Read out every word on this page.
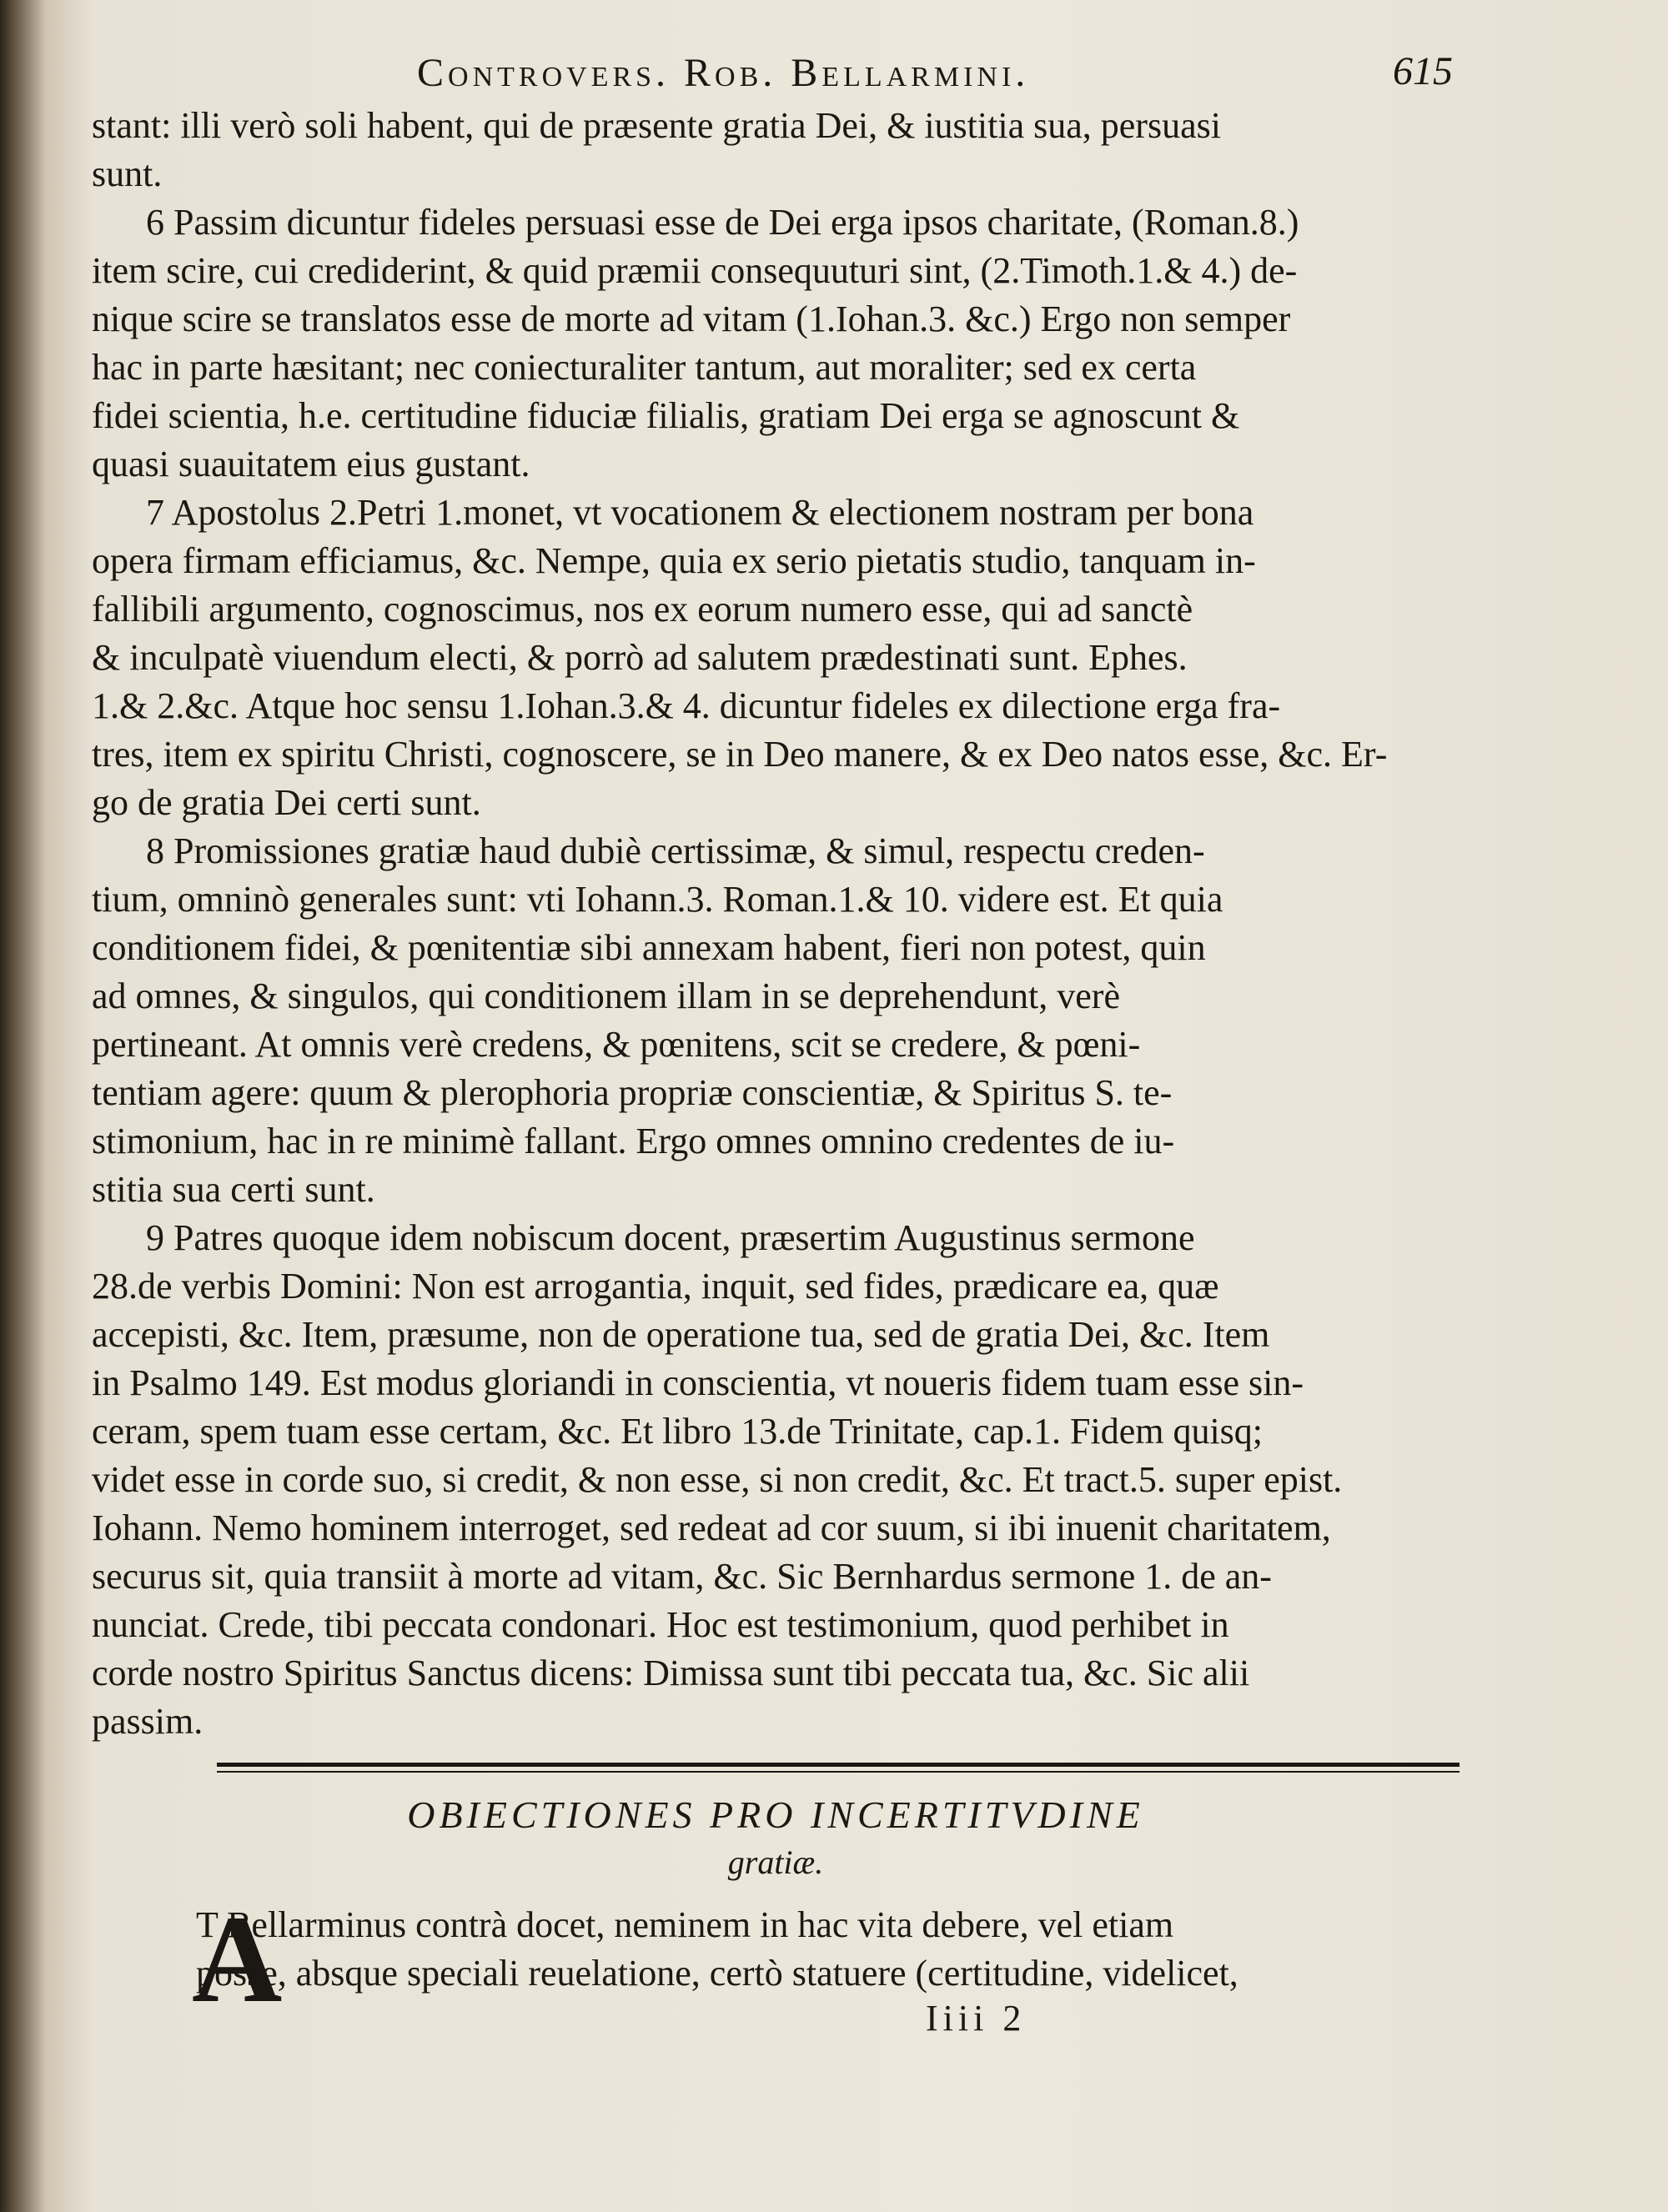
Controvers. Rob. Bellarmini.	615
stant: illi verò soli habent, qui de præsente gratia Dei, & iustitia sua, persuasi
sunt.
6 Passim dicuntur fideles persuasi esse de Dei erga ipsos charitate, (Roman.8.)
item scire, cui crediderint, & quid præmii consequuturi sint, (2.Timoth.1.& 4.) de-
nique scire se translatos esse de morte ad vitam (1.Iohan.3. &c.) Ergo non semper
hac in parte hæsitant; nec coniecturaliter tantum, aut moraliter; sed ex certa
fidei scientia, h.e. certitudine fiduciæ filialis, gratiam Dei erga se agnoscunt &
quasi suauitatem eius gustant.
7 Apostolus 2.Petri 1.monet, vt vocationem & electionem nostram per bona
opera firmam efficiamus, &c. Nempe, quia ex serio pietatis studio, tanquam in-
fallibili argumento, cognoscimus, nos ex eorum numero esse, qui ad sanctè
& inculpatè viuendum electi, & porrò ad salutem prædestinati sunt. Ephes.
1.& 2.&c. Atque hoc sensu 1.Iohan.3.& 4. dicuntur fideles ex dilectione erga fra-
tres, item ex spiritu Christi, cognoscere, se in Deo manere, & ex Deo natos esse, &c. Er-
go de gratia Dei certi sunt.
8 Promissiones gratiæ haud dubiè certissimæ, & simul, respectu creden-
tium, omninò generales sunt: vti Iohann.3. Roman.1.& 10. videre est. Et quia
conditionem fidei, & pœnitentiæ sibi annexam habent, fieri non potest, quin
ad omnes, & singulos, qui conditionem illam in se deprehendunt, verè
pertineant. At omnis verè credens, & pœnitens, scit se credere, & pœni-
tentiam agere: quum & plerophoria propriæ conscientiæ, & Spiritus S. te-
stimonium, hac in re minimè fallant. Ergo omnes omnino credentes de iu-
stitia sua certi sunt.
9 Patres quoque idem nobiscum docent, præsertim Augustinus sermone
28.de verbis Domini: Non est arrogantia, inquit, sed fides, prædicare ea, quæ
accepisti, &c. Item, præsume, non de operatione tua, sed de gratia Dei, &c. Item
in Psalmo 149. Est modus gloriandi in conscientia, vt noueris fidem tuam esse sin-
ceram, spem tuam esse certam, &c. Et libro 13.de Trinitate, cap.1. Fidem quisq;
videt esse in corde suo, si credit, & non esse, si non credit, &c. Et tract.5. super epist.
Iohann. Nemo hominem interroget, sed redeat ad cor suum, si ibi inuenit charitatem,
securus sit, quia transiit à morte ad vitam, &c. Sic Bernhardus sermone 1. de an-
nunciat. Crede, tibi peccata condonari. Hoc est testimonium, quod perhibet in
corde nostro Spiritus Sanctus dicens: Dimissa sunt tibi peccata tua, &c. Sic alii
passim.
OBIECTIONES PRO INCERTITVDINE
gratiæ.
A
T Bellarminus contrà docet, neminem in hac vita debere, vel etiam
posse, absque speciali reuelatione, certò statuere (certitudine, videlicet,
Iiii 2
